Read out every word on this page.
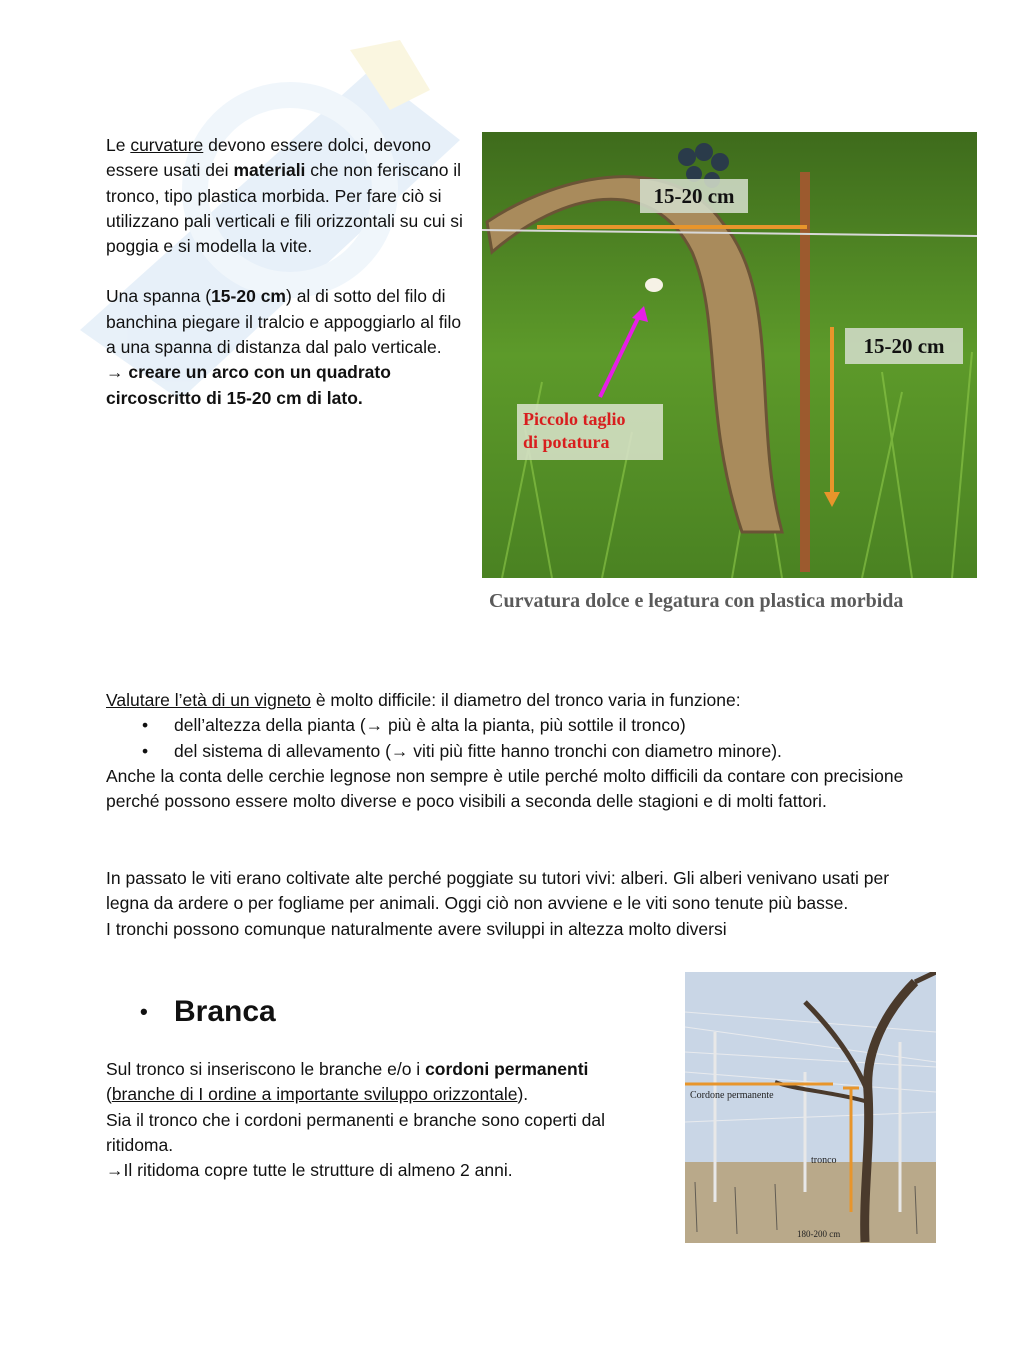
Le curvature devono essere dolci, devono essere usati dei materiali che non feriscano il tronco, tipo plastica morbida. Per fare ciò si utilizzano pali verticali e fili orizzontali su cui si poggia e si modella la vite.

Una spanna (15-20 cm) al di sotto del filo di banchina piegare il tralcio e appoggiarlo al filo a una spanna di distanza dal palo verticale.

→ creare un arco con un quadrato circoscritto di 15-20 cm di lato.

15-20 cm
15-20 cm
Piccolo taglio
di potatura
Curvatura dolce e legatura con plastica morbida

Valutare l’età di un vigneto è molto difficile: il diametro del tronco varia in funzione:

• dell’altezza della pianta (→ più è alta la pianta, più sottile il tronco)
• del sistema di allevamento (→ viti più fitte hanno tronchi con diametro minore).

Anche la conta delle cerchie legnose non sempre è utile perché molto difficili da contare con precisione perché possono essere molto diverse e poco visibili a seconda delle stagioni e di molti fattori.

In passato le viti erano coltivate alte perché poggiate su tutori vivi: alberi. Gli alberi venivano usati per legna da ardere o per fogliame per animali. Oggi ciò non avviene e le viti sono tenute più basse.

I tronchi possono comunque naturalmente avere sviluppi in altezza molto diversi

• Branca

Sul tronco si inseriscono le branche e/o i cordoni permanenti

(branche di I ordine a importante sviluppo orizzontale).

Sia il tronco che i cordoni permanenti e branche sono coperti dal ritidoma.

→Il ritidoma copre tutte le strutture di almeno 2 anni.

Cordone permanente
tronco
180-200 cm
